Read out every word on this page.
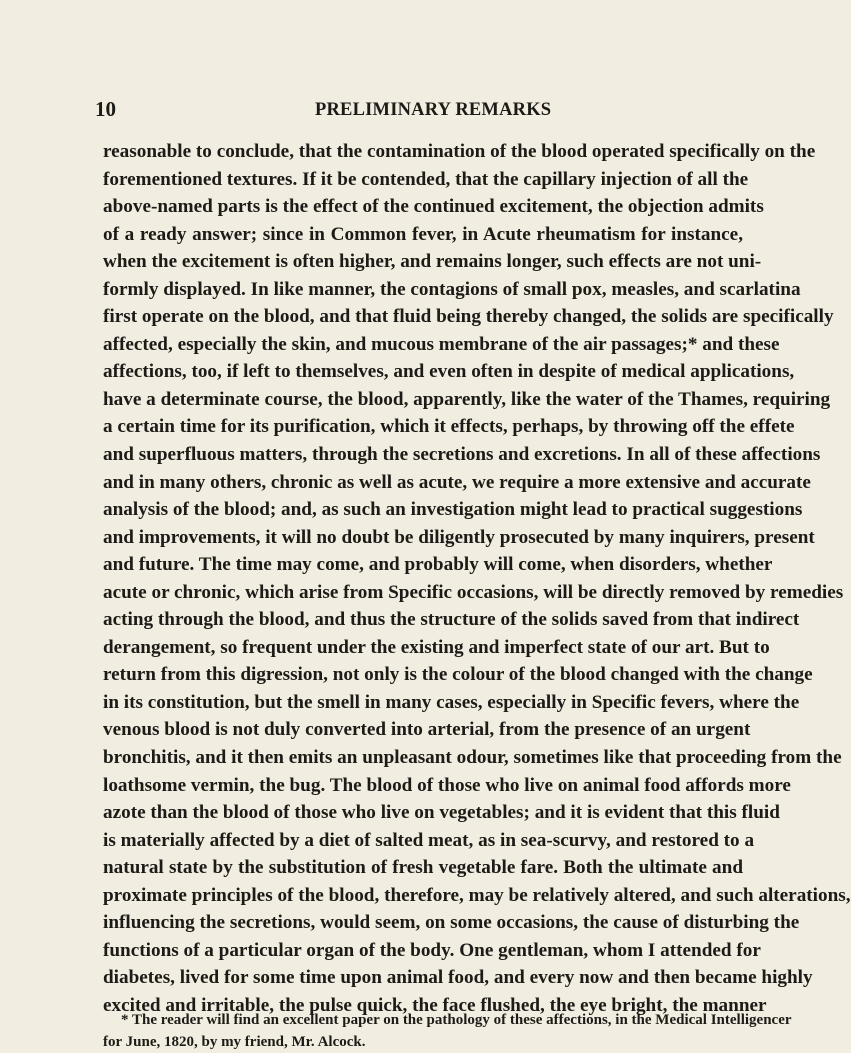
10	PRELIMINARY REMARKS
reasonable to conclude, that the contamination of the blood operated specifically on the
forementioned textures. If it be contended, that the capillary injection of all the
above-named parts is the effect of the continued excitement, the objection admits
of a ready answer; since in Common fever, in Acute rheumatism for instance,
when the excitement is often higher, and remains longer, such effects are not uni-
formly displayed. In like manner, the contagions of small pox, measles, and scarlatina
first operate on the blood, and that fluid being thereby changed, the solids are specifically
affected, especially the skin, and mucous membrane of the air passages;* and these
affections, too, if left to themselves, and even often in despite of medical applications,
have a determinate course, the blood, apparently, like the water of the Thames, requiring
a certain time for its purification, which it effects, perhaps, by throwing off the effete
and superfluous matters, through the secretions and excretions. In all of these affections
and in many others, chronic as well as acute, we require a more extensive and accurate
analysis of the blood; and, as such an investigation might lead to practical suggestions
and improvements, it will no doubt be diligently prosecuted by many inquirers, present
and future. The time may come, and probably will come, when disorders, whether
acute or chronic, which arise from Specific occasions, will be directly removed by remedies
acting through the blood, and thus the structure of the solids saved from that indirect
derangement, so frequent under the existing and imperfect state of our art. But to
return from this digression, not only is the colour of the blood changed with the change
in its constitution, but the smell in many cases, especially in Specific fevers, where the
venous blood is not duly converted into arterial, from the presence of an urgent
bronchitis, and it then emits an unpleasant odour, sometimes like that proceeding from the
loathsome vermin, the bug. The blood of those who live on animal food affords more
azote than the blood of those who live on vegetables; and it is evident that this fluid
is materially affected by a diet of salted meat, as in sea-scurvy, and restored to a
natural state by the substitution of fresh vegetable fare. Both the ultimate and
proximate principles of the blood, therefore, may be relatively altered, and such alterations,
influencing the secretions, would seem, on some occasions, the cause of disturbing the
functions of a particular organ of the body. One gentleman, whom I attended for
diabetes, lived for some time upon animal food, and every now and then became highly
excited and irritable, the pulse quick, the face flushed, the eye bright, the manner
* The reader will find an excellent paper on the pathology of these affections, in the Medical Intelligencer
for June, 1820, by my friend, Mr. Alcock.
